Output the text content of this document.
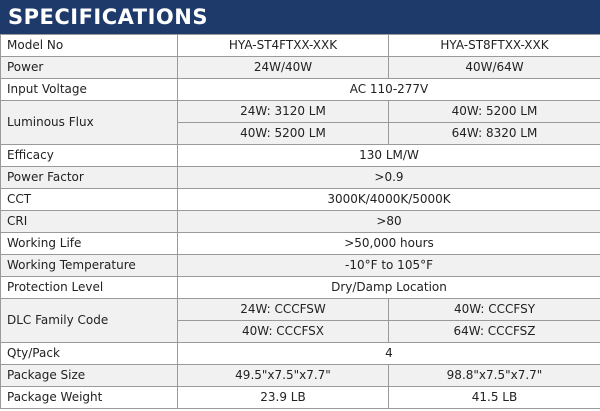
SPECIFICATIONS
Model No	HYA-ST4FTXX-XXK	HYA-ST8FTXX-XXK
Power	24W/40W	40W/64W
Input Voltage	AC 110-277V	
Luminous Flux	24W: 3120 LM	40W: 5200 LM
	40W: 5200 LM	64W: 8320 LM
Efficacy	130 LM/W	
Power Factor	>0.9	
CCT	3000K/4000K/5000K	
CRI	>80	
Working Life	>50,000 hours	
Working Temperature	-10°F to 105°F	
Protection Level	Dry/Damp Location	
DLC Family Code	24W: CCCFSW	40W: CCCFSY
	40W: CCCFSX	64W: CCCFSZ
Qty/Pack	4	
Package Size	49.5"x7.5"x7.7"	98.8"x7.5"x7.7"
Package Weight	23.9 LB	41.5 LB
